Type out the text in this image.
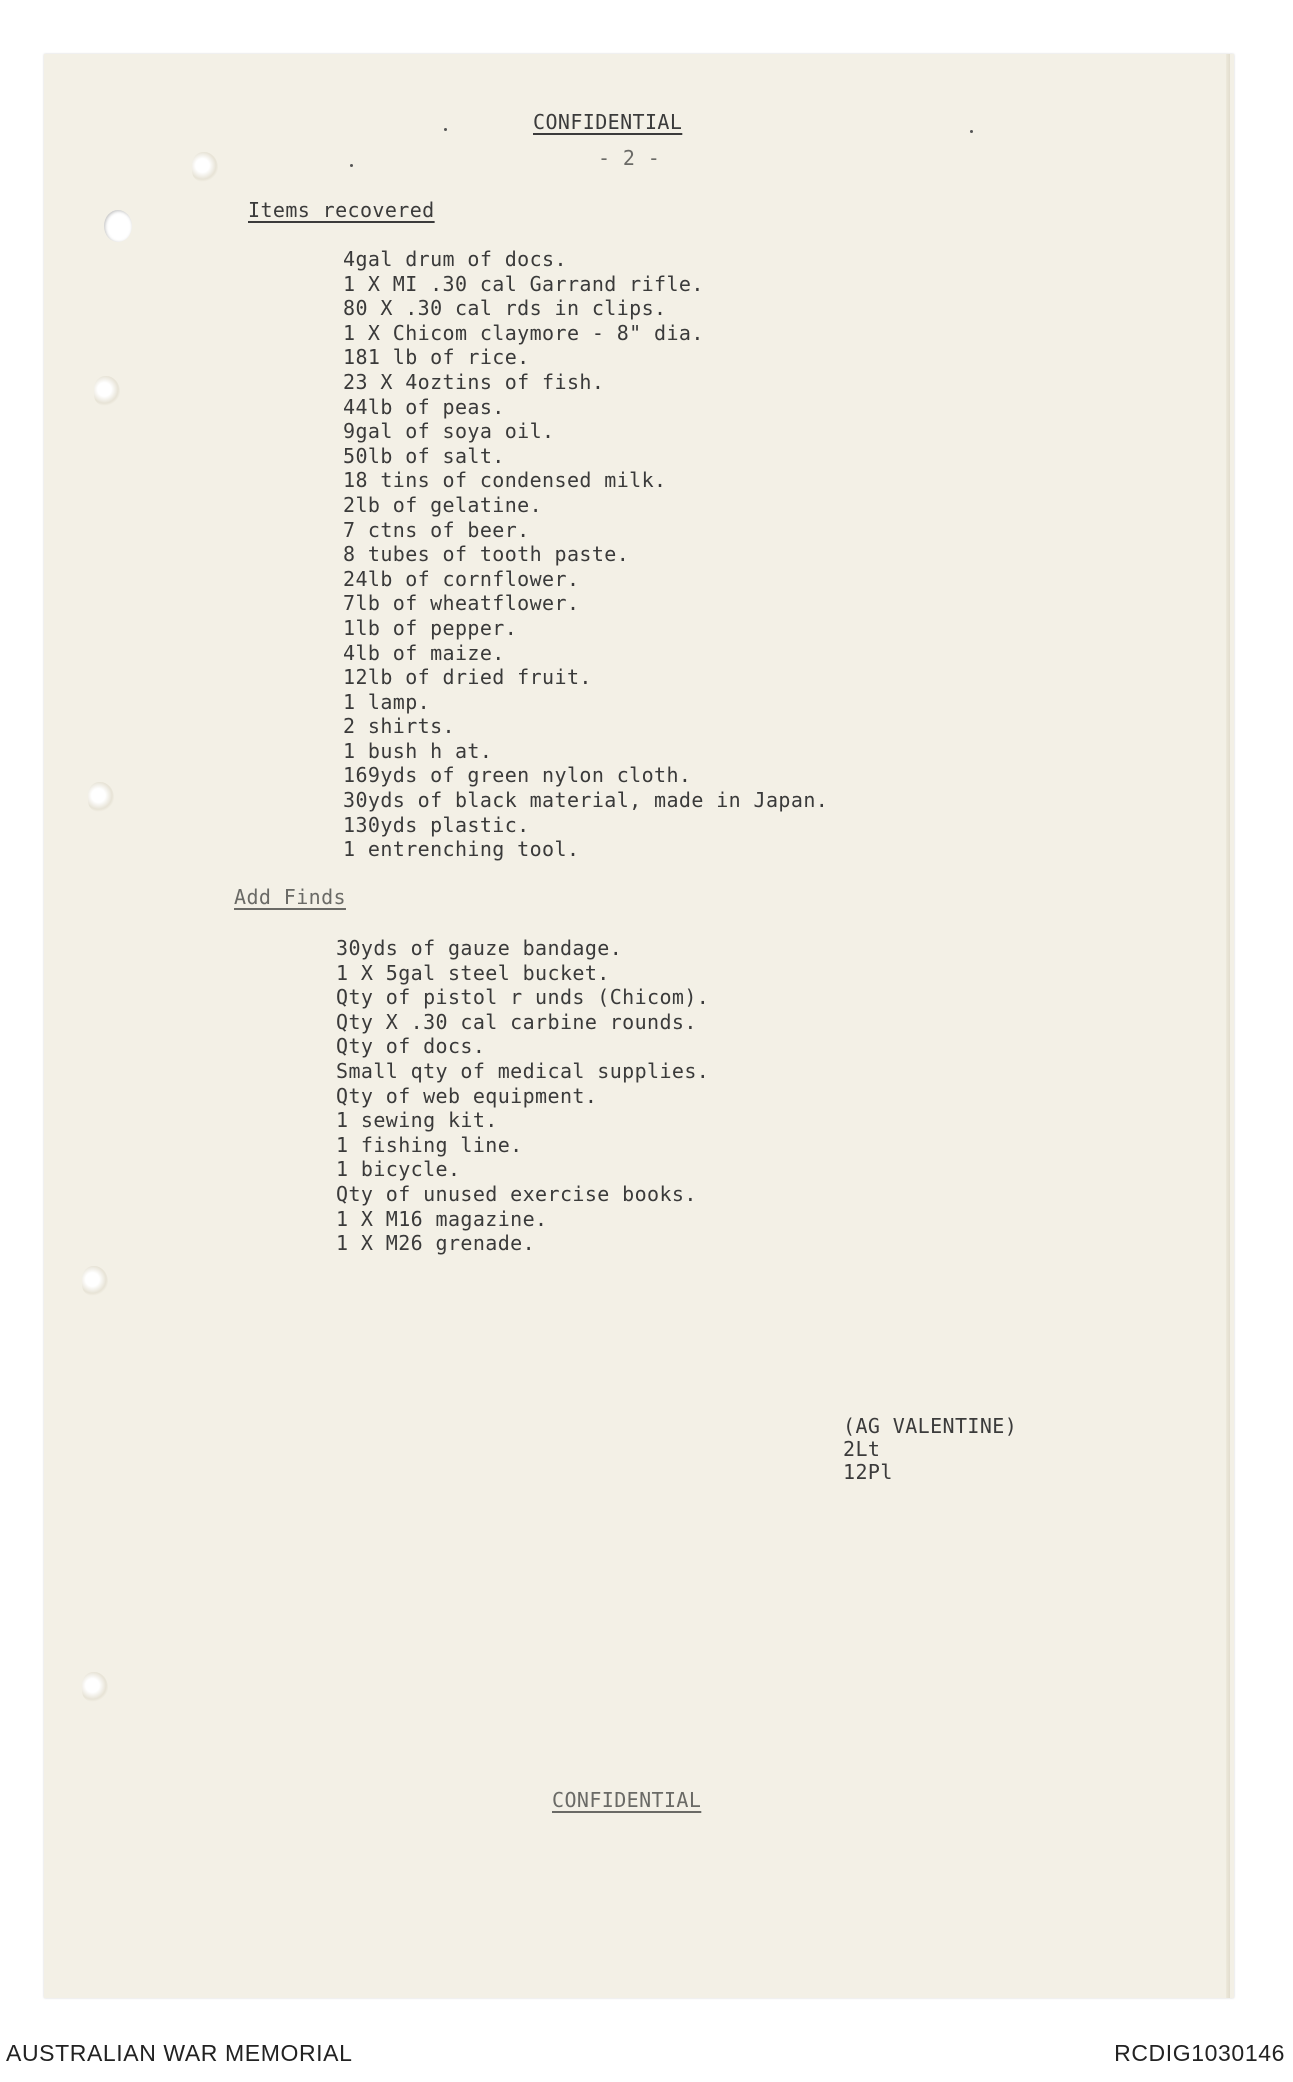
CONFIDENTIAL
- 2 -
Items recovered
4gal drum of docs.
1 X MI .30 cal Garrand rifle.
80 X .30 cal rds in clips.
1 X Chicom claymore - 8" dia.
181 lb of rice.
23 X 4oztins of fish.
44lb of peas.
9gal of soya oil.
50lb of salt.
18 tins of condensed milk.
2lb of gelatine.
7 ctns of beer.
8 tubes of tooth paste.
24lb of cornflower.
7lb of wheatflower.
1lb of pepper.
4lb of maize.
12lb of dried fruit.
1 lamp.
2 shirts.
1 bush h at.
169yds of green nylon cloth.
30yds of black material, made in Japan.
130yds plastic.
1 entrenching tool.
Add Finds
30yds of gauze bandage.
1 X 5gal steel bucket.
Qty of pistol r unds (Chicom).
Qty X .30 cal carbine rounds.
Qty of docs.
Small qty of medical supplies.
Qty of web equipment.
1 sewing kit.
1 fishing line.
1 bicycle.
Qty of unused exercise books.
1 X M16 magazine.
1 X M26 grenade.
(AG VALENTINE)
2Lt
12Pl
CONFIDENTIAL
AUSTRALIAN WAR MEMORIAL	RCDIG1030146
